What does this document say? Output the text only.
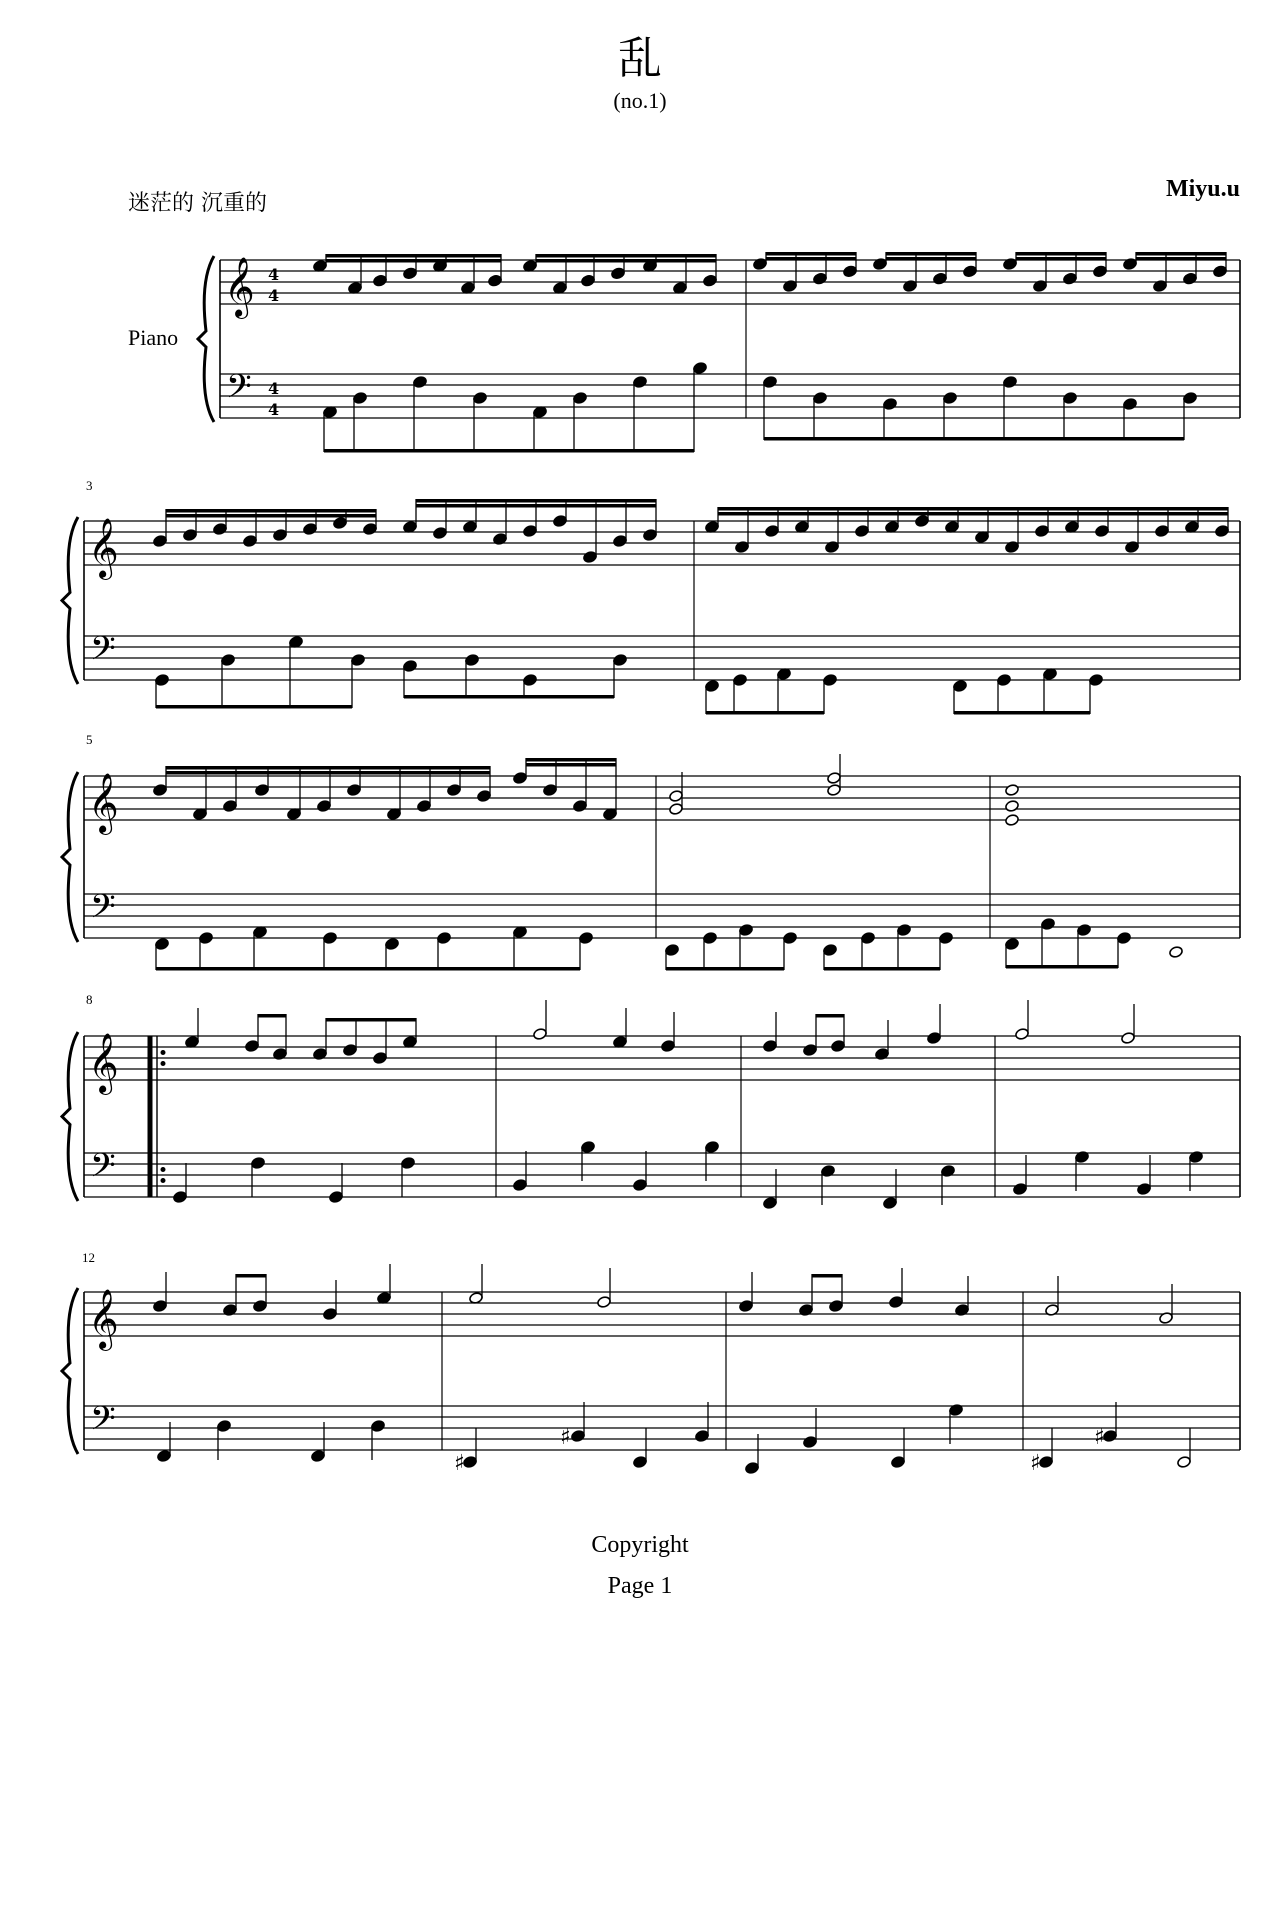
乱
(no.1)
迷茫的 沉重的
Miyu.u
Piano
3
5
8
12
𝄞
𝄢
4
4
4
4
𝄞
𝄢
𝄞
𝄢
𝄞
𝄢
𝄞
𝄢
♯
♯
♯
♯
Copyright
Page 1
